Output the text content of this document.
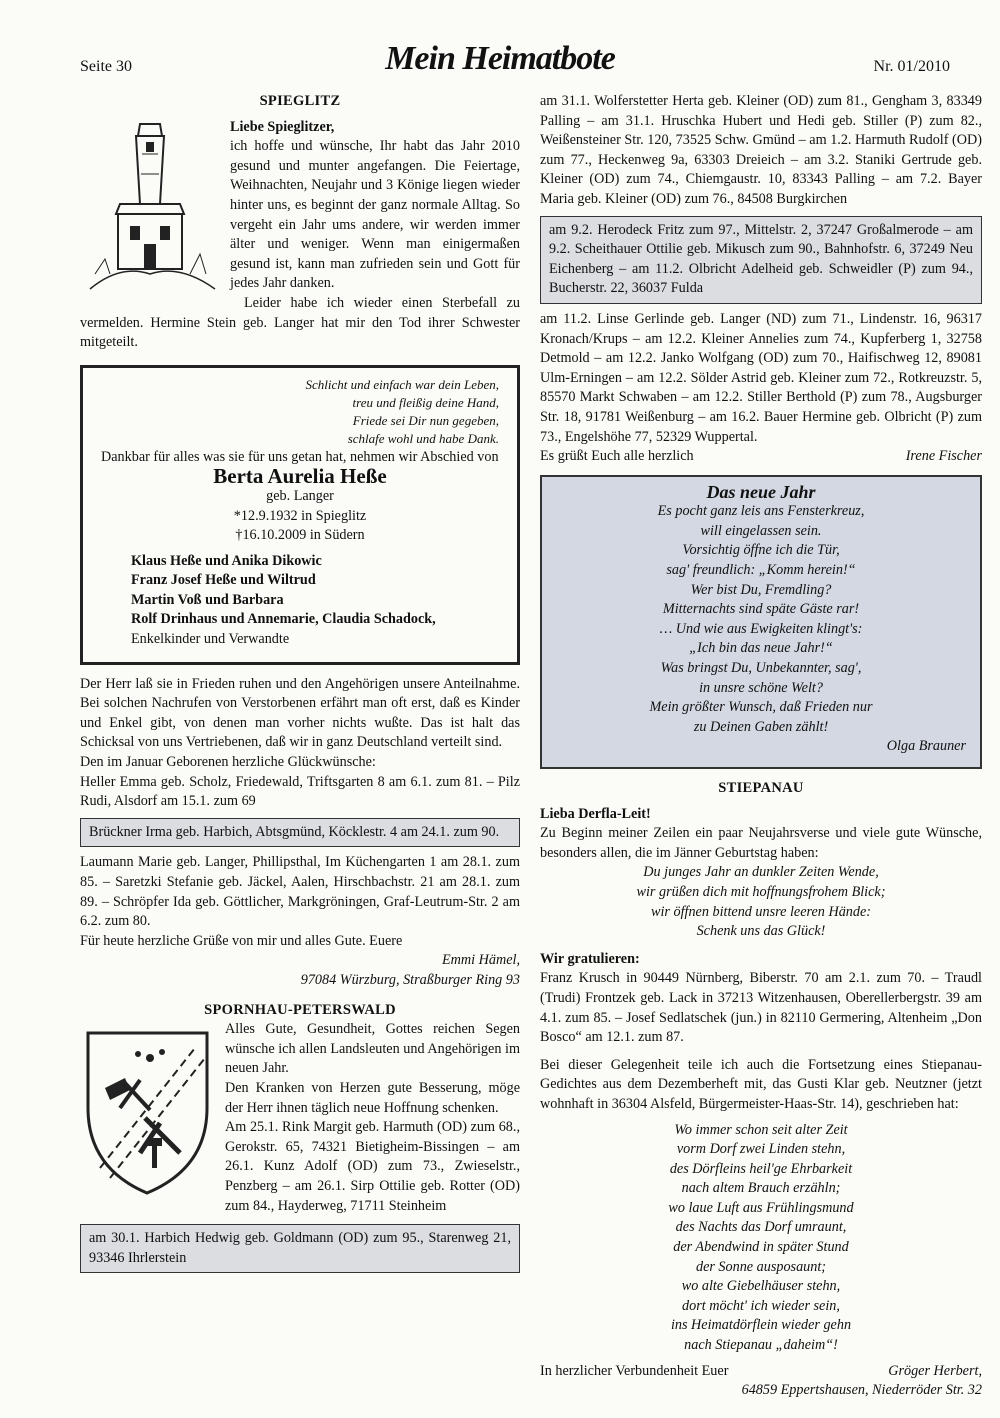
Seite 30	Mein Heimatbote	Nr. 01/2010

SPIEGLITZ

Liebe Spieglitzer,

ich hoffe und wünsche, Ihr habt das Jahr 2010 gesund und munter angefangen. Die Feiertage, Weihnachten, Neujahr und 3 Könige liegen wieder hinter uns, es beginnt der ganz normale Alltag. So vergeht ein Jahr ums andere, wir werden immer älter und weniger. Wenn man einigermaßen gesund ist, kann man zufrieden sein und Gott für jedes Jahr danken.

Leider habe ich wieder einen Sterbefall zu vermelden. Hermine Stein geb. Langer hat mir den Tod ihrer Schwester mitgeteilt.

Schlicht und einfach war dein Leben,
treu und fleißig deine Hand,
Friede sei Dir nun gegeben,
schlafe wohl und habe Dank.

Dankbar für alles was sie für uns getan hat, nehmen wir Abschied von

Berta Aurelia Heße

geb. Langer

*12.9.1932 in Spieglitz

†16.10.2009 in Südern

Klaus Heße und Anika Dikowic

Franz Josef Heße und Wiltrud

Martin Voß und Barbara

Rolf Drinhaus und Annemarie, Claudia Schadock,

Enkelkinder und Verwandte

Der Herr laß sie in Frieden ruhen und den Angehörigen unsere Anteilnahme. Bei solchen Nachrufen von Verstorbenen erfährt man oft erst, daß es Kinder und Enkel gibt, von denen man vorher nichts wußte. Das ist halt das Schicksal von uns Vertriebenen, daß wir in ganz Deutschland verteilt sind.

Den im Januar Geborenen herzliche Glückwünsche:

Heller Emma geb. Scholz, Friedewald, Triftsgarten 8 am 6.1. zum 81. – Pilz Rudi, Alsdorf am 15.1. zum 69

Brückner Irma geb. Harbich, Abtsgmünd, Köcklestr. 4 am 24.1. zum 90.

Laumann Marie geb. Langer, Phillipsthal, Im Küchengarten 1 am 28.1. zum 85. – Saretzki Stefanie geb. Jäckel, Aalen, Hirschbachstr. 21 am 28.1. zum 89. – Schröpfer Ida geb. Göttlicher, Markgröningen, Graf-Leutrum-Str. 2 am 6.2. zum 80.

Für heute herzliche Grüße von mir und alles Gute. Euere

Emmi Hämel,

97084 Würzburg, Straßburger Ring 93

SPORNHAU-PETERSWALD

Alles Gute, Gesundheit, Gottes reichen Segen wünsche ich allen Landsleuten und Angehörigen im neuen Jahr.

Den Kranken von Herzen gute Besserung, möge der Herr ihnen täglich neue Hoffnung schenken.

Am 25.1. Rink Margit geb. Harmuth (OD) zum 68., Gerokstr. 65, 74321 Bietigheim-Bissingen – am 26.1. Kunz Adolf (OD) zum 73., Zwieselstr., Penzberg – am 26.1. Sirp Ottilie geb. Rotter (OD) zum 84., Hayderweg, 71711 Steinheim

am 30.1. Harbich Hedwig geb. Goldmann (OD) zum 95., Starenweg 21, 93346 Ihrlerstein

am 31.1. Wolferstetter Herta geb. Kleiner (OD) zum 81., Gengham 3, 83349 Palling – am 31.1. Hruschka Hubert und Hedi geb. Stiller (P) zum 82., Weißensteiner Str. 120, 73525 Schw. Gmünd – am 1.2. Harmuth Rudolf (OD) zum 77., Heckenweg 9a, 63303 Dreieich – am 3.2. Staniki Gertrude geb. Kleiner (OD) zum 74., Chiemgaustr. 10, 83343 Palling – am 7.2. Bayer Maria geb. Kleiner (OD) zum 76., 84508 Burgkirchen

am 9.2. Herodeck Fritz zum 97., Mittelstr. 2, 37247 Großalmerode – am 9.2. Scheithauer Ottilie geb. Mikusch zum 90., Bahnhofstr. 6, 37249 Neu Eichenberg – am 11.2. Olbricht Adelheid geb. Schweidler (P) zum 94., Bucherstr. 22, 36037 Fulda

am 11.2. Linse Gerlinde geb. Langer (ND) zum 71., Lindenstr. 16, 96317 Kronach/Krups – am 12.2. Kleiner Annelies zum 74., Kupferberg 1, 32758 Detmold – am 12.2. Janko Wolfgang (OD) zum 70., Haifischweg 12, 89081 Ulm-Erningen – am 12.2. Sölder Astrid geb. Kleiner zum 72., Rotkreuzstr. 5, 85570 Markt Schwaben – am 12.2. Stiller Berthold (P) zum 78., Augsburger Str. 18, 91781 Weißenburg – am 16.2. Bauer Hermine geb. Olbricht (P) zum 73., Engelshöhe 77, 52329 Wuppertal.

Es grüßt Euch alle herzlich	Irene Fischer

Das neue Jahr

Es pocht ganz leis ans Fensterkreuz,

will eingelassen sein.

Vorsichtig öffne ich die Tür,

sag' freundlich: „Komm herein!“

Wer bist Du, Fremdling?

Mitternachts sind späte Gäste rar!

… Und wie aus Ewigkeiten klingt's:

„Ich bin das neue Jahr!“

Was bringst Du, Unbekannter, sag',

in unsre schöne Welt?

Mein größter Wunsch, daß Frieden nur

zu Deinen Gaben zählt!

Olga Brauner

STIEPANAU

Lieba Derfla-Leit!

Zu Beginn meiner Zeilen ein paar Neujahrsverse und viele gute Wünsche, besonders allen, die im Jänner Geburtstag haben:

Du junges Jahr an dunkler Zeiten Wende,

wir grüßen dich mit hoffnungsfrohem Blick;

wir öffnen bittend unsre leeren Hände:

Schenk uns das Glück!

Wir gratulieren:

Franz Krusch in 90449 Nürnberg, Biberstr. 70 am 2.1. zum 70. – Traudl (Trudi) Frontzek geb. Lack in 37213 Witzenhausen, Oberellerbergstr. 39 am 4.1. zum 85. – Josef Sedlatschek (jun.) in 82110 Germering, Altenheim „Don Bosco“ am 12.1. zum 87.

Bei dieser Gelegenheit teile ich auch die Fortsetzung eines Stiepanau-Gedichtes aus dem Dezemberheft mit, das Gusti Klar geb. Neutzner (jetzt wohnhaft in 36304 Alsfeld, Bürgermeister-Haas-Str. 14), geschrieben hat:

Wo immer schon seit alter Zeit

vorm Dorf zwei Linden stehn,

des Dörfleins heil'ge Ehrbarkeit

nach altem Brauch erzähln;

wo laue Luft aus Frühlingsmund

des Nachts das Dorf umraunt,

der Abendwind in später Stund

der Sonne ausposaunt;

wo alte Giebelhäuser stehn,

dort möcht' ich wieder sein,

ins Heimatdörflein wieder gehn

nach Stiepanau „daheim“!

In herzlicher Verbundenheit Euer	Gröger Herbert,

64859 Eppertshausen, Niederröder Str. 32
